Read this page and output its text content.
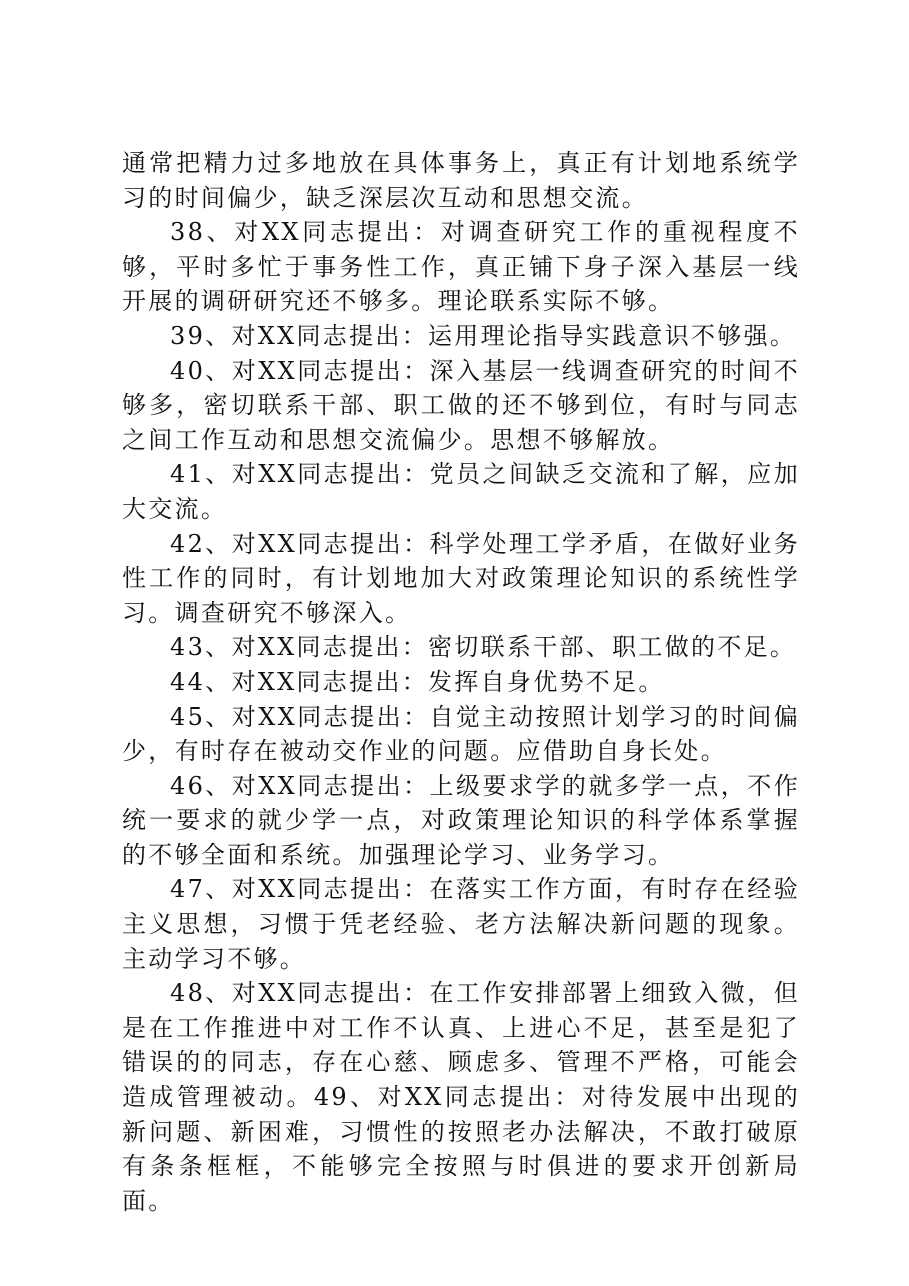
通常把精力过多地放在具体事务上，真正有计划地系统学习的时间偏少，缺乏深层次互动和思想交流。

38、对XX同志提出：对调查研究工作的重视程度不够，平时多忙于事务性工作，真正铺下身子深入基层一线开展的调研研究还不够多。理论联系实际不够。

39、对XX同志提出：运用理论指导实践意识不够强。

40、对XX同志提出：深入基层一线调查研究的时间不够多，密切联系干部、职工做的还不够到位，有时与同志之间工作互动和思想交流偏少。思想不够解放。

41、对XX同志提出：党员之间缺乏交流和了解，应加大交流。

42、对XX同志提出：科学处理工学矛盾，在做好业务性工作的同时，有计划地加大对政策理论知识的系统性学习。调查研究不够深入。

43、对XX同志提出：密切联系干部、职工做的不足。

44、对XX同志提出：发挥自身优势不足。

45、对XX同志提出：自觉主动按照计划学习的时间偏少，有时存在被动交作业的问题。应借助自身长处。

46、对XX同志提出：上级要求学的就多学一点，不作统一要求的就少学一点，对政策理论知识的科学体系掌握的不够全面和系统。加强理论学习、业务学习。

47、对XX同志提出：在落实工作方面，有时存在经验主义思想，习惯于凭老经验、老方法解决新问题的现象。主动学习不够。

48、对XX同志提出：在工作安排部署上细致入微，但是在工作推进中对工作不认真、上进心不足，甚至是犯了错误的的同志，存在心慈、顾虑多、管理不严格，可能会造成管理被动。49、对XX同志提出：对待发展中出现的新问题、新困难，习惯性的按照老办法解决，不敢打破原有条条框框，不能够完全按照与时俱进的要求开创新局面。
